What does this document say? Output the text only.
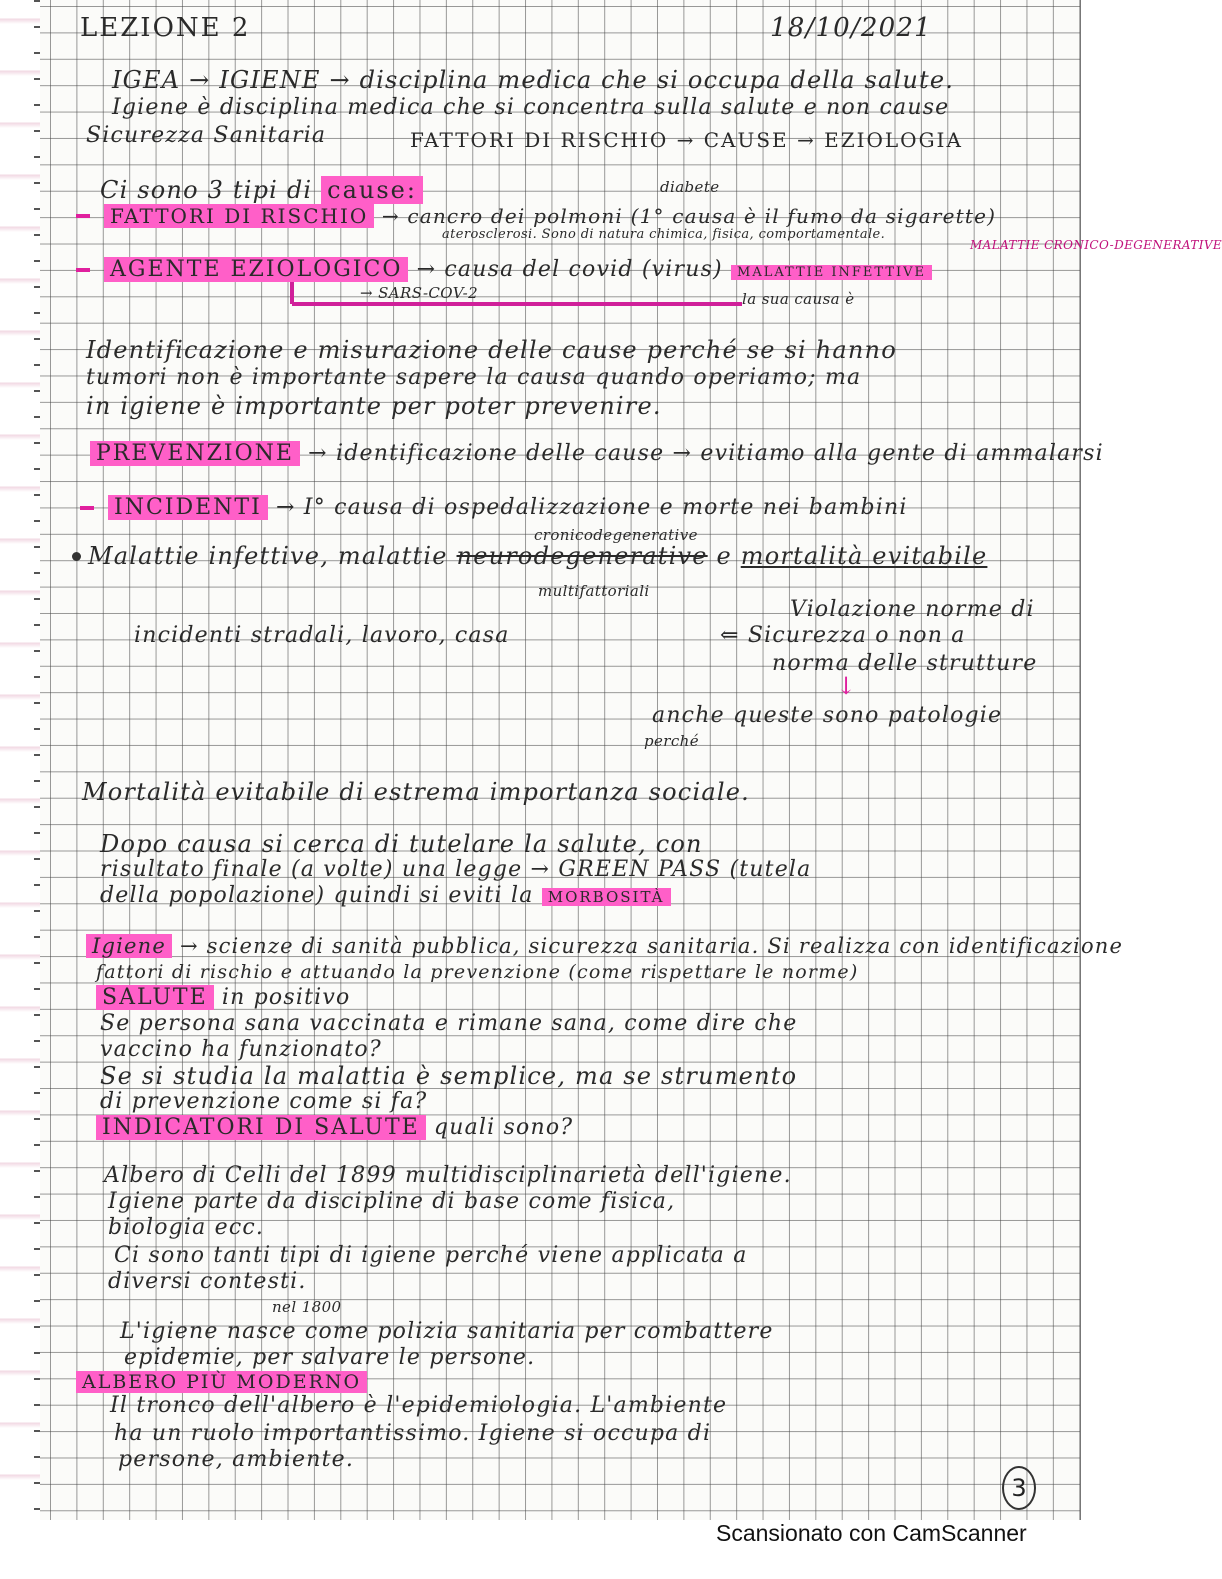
LEZIONE 2	18/10/2021
IGEA → IGIENE → disciplina medica che si occupa della salute.
Igiene è disciplina medica che si concentra sulla salute e non cause
Sicurezza Sanitaria	FATTORI DI RISCHIO → CAUSE → EZIOLOGIA
Ci sono 3 tipi di cause:	diabete
FATTORI DI RISCHIO → cancro dei polmoni (1° causa è il fumo da sigarette)
aterosclerosi. Sono di natura chimica, fisica, comportamentale.
MALATTIE CRONICO-DEGENERATIVE
AGENTE EZIOLOGICO → causa del covid (virus) MALATTIE INFETTIVE
→ SARS-COV-2	la sua causa è
Identificazione e misurazione delle cause perché se si hanno
tumori non è importante sapere la causa quando operiamo; ma
in igiene è importante per poter prevenire.
PREVENZIONE → identificazione delle cause → evitiamo alla gente di ammalarsi
INCIDENTI → I° causa di ospedalizzazione e morte nei bambini
cronicodegenerative
Malattie infettive, malattie neurodegenerative e mortalità evitabile
multifattoriali
Violazione norme di
incidenti stradali, lavoro, casa	⇐ Sicurezza o non a
norma delle strutture
↓
anche queste sono patologie
perché
Mortalità evitabile di estrema importanza sociale.
Dopo causa si cerca di tutelare la salute, con
risultato finale (a volte) una legge → GREEN PASS (tutela
della popolazione) quindi si eviti la MORBOSITÀ
Igiene → scienze di sanità pubblica, sicurezza sanitaria. Si realizza con identificazione
fattori di rischio e attuando la prevenzione (come rispettare le norme)
SALUTE in positivo
Se persona sana vaccinata e rimane sana, come dire che
vaccino ha funzionato?
Se si studia la malattia è semplice, ma se strumento
di prevenzione come si fa?
INDICATORI DI SALUTE quali sono?
Albero di Celli del 1899 multidisciplinarietà dell'igiene.
Igiene parte da discipline di base come fisica,
biologia ecc.
Ci sono tanti tipi di igiene perché viene applicata a
diversi contesti.
nel 1800
L'igiene nasce come polizia sanitaria per combattere
epidemie, per salvare le persone.
ALBERO PIÙ MODERNO
Il tronco dell'albero è l'epidemiologia. L'ambiente
ha un ruolo importantissimo. Igiene si occupa di
persone, ambiente.
3
Scansionato con CamScanner
